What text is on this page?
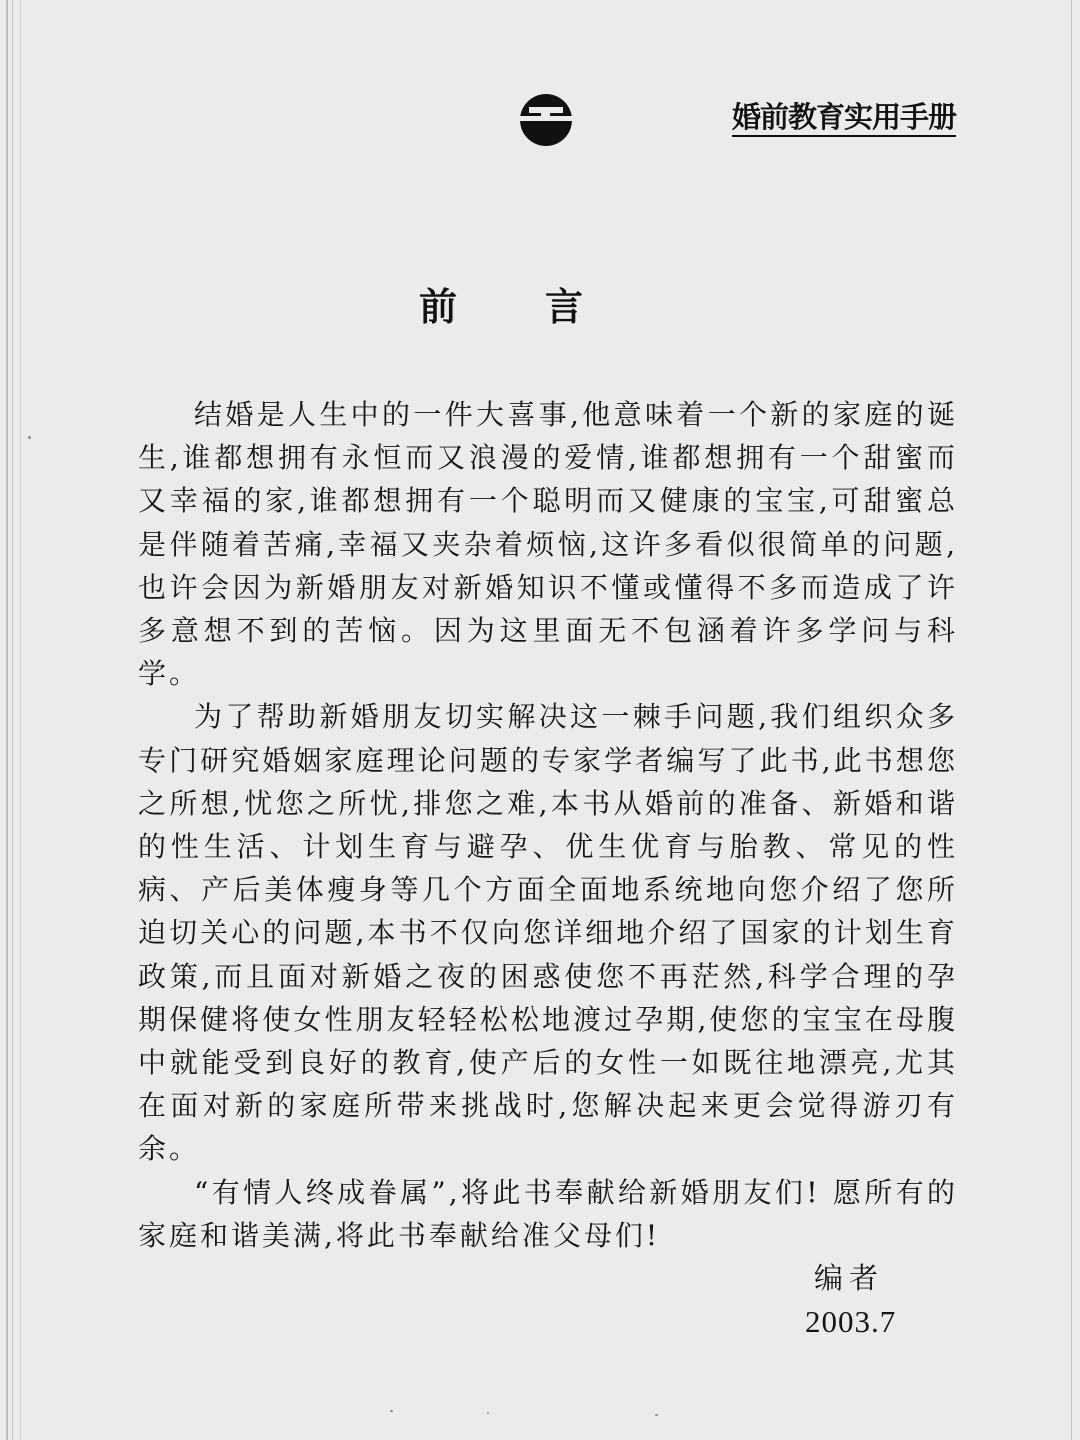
婚前教育实用手册
前言

结婚是人生中的一件大喜事,他意味着一个新的家庭的诞生,谁都想拥有永恒而又浪漫的爱情,谁都想拥有一个甜蜜而又幸福的家,谁都想拥有一个聪明而又健康的宝宝,可甜蜜总是伴随着苦痛,幸福又夹杂着烦恼,这许多看似很简单的问题,也许会因为新婚朋友对新婚知识不懂或懂得不多而造成了许多意想不到的苦恼。因为这里面无不包涵着许多学问与科学。

为了帮助新婚朋友切实解决这一棘手问题,我们组织众多专门研究婚姻家庭理论问题的专家学者编写了此书,此书想您之所想,忧您之所忧,排您之难,本书从婚前的准备、新婚和谐的性生活、计划生育与避孕、优生优育与胎教、常见的性病、产后美体瘦身等几个方面全面地系统地向您介绍了您所迫切关心的问题,本书不仅向您详细地介绍了国家的计划生育政策,而且面对新婚之夜的困惑使您不再茫然,科学合理的孕期保健将使女性朋友轻轻松松地渡过孕期,使您的宝宝在母腹中就能受到良好的教育,使产后的女性一如既往地漂亮,尤其在面对新的家庭所带来挑战时,您解决起来更会觉得游刃有余。

“有情人终成眷属”,将此书奉献给新婚朋友们! 愿所有的家庭和谐美满,将此书奉献给准父母们!

编者
2003.7
